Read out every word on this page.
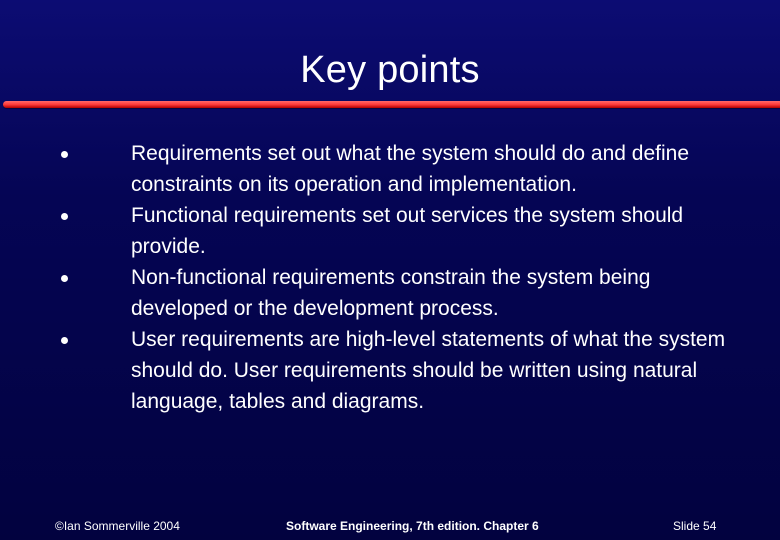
Key points
Requirements set out what the system should do and define constraints on its operation and implementation.
Functional requirements set out services the system should provide.
Non-functional requirements constrain the system being developed or the development process.
User requirements are high-level statements of what the system should do. User requirements should be written using natural language, tables and diagrams.
©Ian Sommerville 2004	Software Engineering, 7th edition. Chapter 6	Slide 54
